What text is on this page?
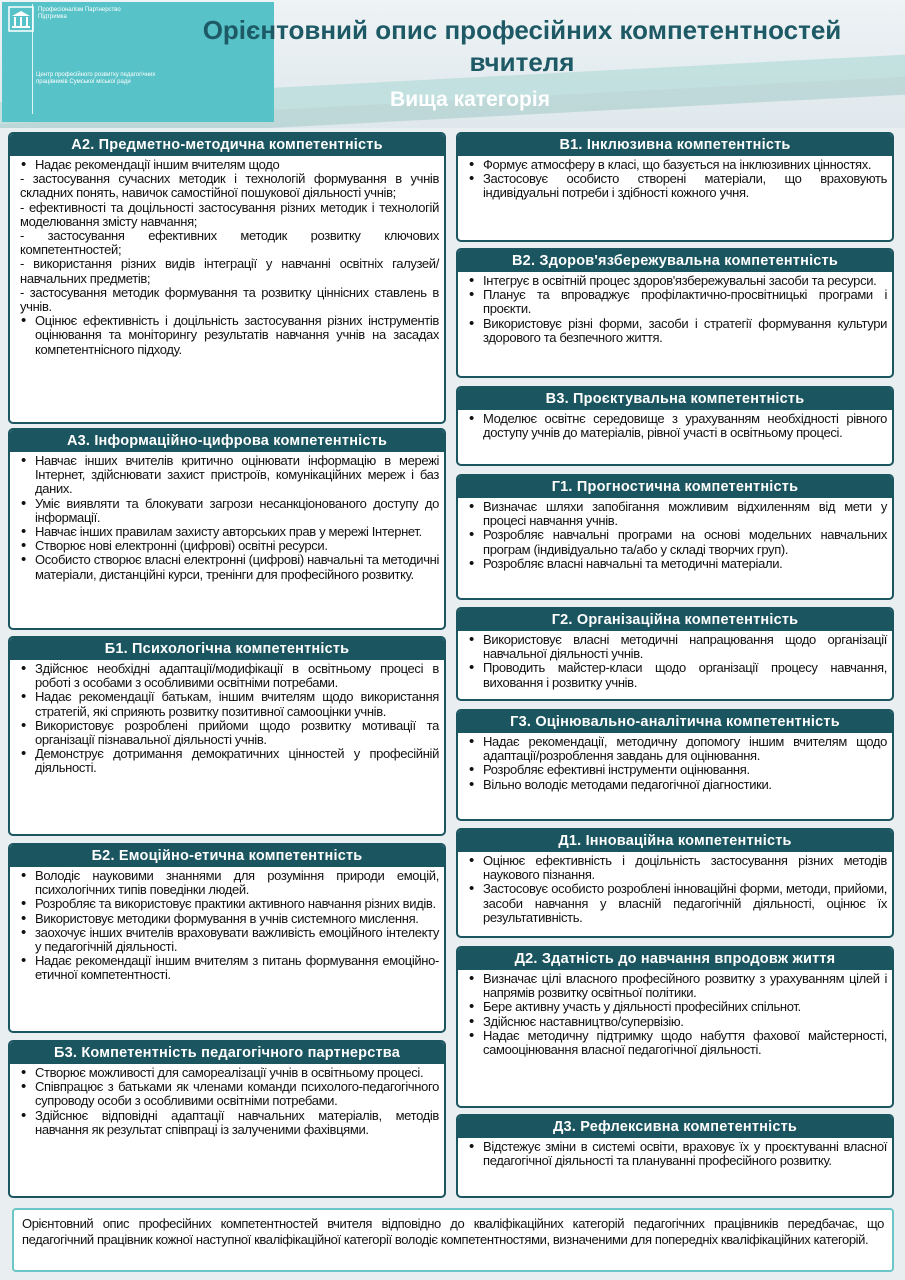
Професіоналізм Партнерство Підтримка
Центр професійного розвитку педагогічних працівників Сумської міської ради
Орієнтовний опис професійних компетентностей вчителя
Вища категорія
А2. Предметно-методична компетентність
• Надає рекомендації іншим вчителям щодо
- застосування сучасних методик і технологій формування в учнів складних понять, навичок самостійної пошукової діяльності учнів;
- ефективності та доцільності застосування різних методик і технологій моделювання змісту навчання;
- застосування ефективних методик розвитку ключових компетентностей;
- використання різних видів інтеграції у навчанні освітніх галузей/навчальних предметів;
- застосування методик формування та розвитку ціннісних ставлень в учнів.
• Оцінює ефективність і доцільність застосування різних інструментів оцінювання та моніторингу результатів навчання учнів на засадах компетентнісного підходу.
А3. Інформаційно-цифрова компетентність
• Навчає інших вчителів критично оцінювати інформацію в мережі Інтернет, здійснювати захист пристроїв, комунікаційних мереж і баз даних.
• Уміє виявляти та блокувати загрози несанкціонованого доступу до інформації.
• Навчає інших правилам захисту авторських прав у мережі Інтернет.
• Створює нові електронні (цифрові) освітні ресурси.
• Особисто створює власні електронні (цифрові) навчальні та методичні матеріали, дистанційні курси, тренінги для професійного розвитку.
Б1. Психологічна компетентність
• Здійснює необхідні адаптації/модифікації в освітньому процесі в роботі з особами з особливими освітніми потребами.
• Надає рекомендації батькам, іншим вчителям щодо використання стратегій, які сприяють розвитку позитивної самооцінки учнів.
• Використовує розроблені прийоми щодо розвитку мотивації та організації пізнавальної діяльності учнів.
• Демонструє дотримання демократичних цінностей у професійній діяльності.
Б2. Емоційно-етична компетентність
• Володіє науковими знаннями для розуміння природи емоцій, психологічних типів поведінки людей.
• Розробляє та використовує практики активного навчання різних видів.
• Використовує методики формування в учнів системного мислення.
• заохочує інших вчителів враховувати важливість емоційного інтелекту у педагогічній діяльності.
• Надає рекомендації іншим вчителям з питань формування емоційно-етичної компетентності.
Б3. Компетентність педагогічного партнерства
• Створює можливості для самореалізації учнів в освітньому процесі.
• Співпрацює з батьками як членами команди психолого-педагогічного супроводу особи з особливими освітніми потребами.
• Здійснює відповідні адаптації навчальних матеріалів, методів навчання як результат співпраці із залученими фахівцями.
В1. Інклюзивна компетентність
• Формує атмосферу в класі, що базується на інклюзивних цінностях.
• Застосовує особисто створені матеріали, що враховують індивідуальні потреби і здібності кожного учня.
В2. Здоров'язбережувальна компетентність
• Інтегрує в освітній процес здоров'язбережувальні засоби та ресурси.
• Планує та впроваджує профілактично-просвітницькі програми і проєкти.
• Використовує різні форми, засоби і стратегії формування культури здорового та безпечного життя.
В3. Проєктувальна компетентність
• Моделює освітнє середовище з урахуванням необхідності рівного доступу учнів до матеріалів, рівної участі в освітньому процесі.
Г1. Прогностична компетентність
• Визначає шляхи запобігання можливим відхиленням від мети у процесі навчання учнів.
• Розробляє навчальні програми на основі модельних навчальних програм (індивідуально та/або у складі творчих груп).
• Розробляє власні навчальні та методичні матеріали.
Г2. Організаційна компетентність
• Використовує власні методичні напрацювання щодо організації навчальної діяльності учнів.
• Проводить майстер-класи щодо організації процесу навчання, виховання і розвитку учнів.
Г3. Оцінювально-аналітична компетентність
• Надає рекомендації, методичну допомогу іншим вчителям щодо адаптації/розроблення завдань для оцінювання.
• Розробляє ефективні інструменти оцінювання.
• Вільно володіє методами педагогічної діагностики.
Д1. Інноваційна компетентність
• Оцінює ефективність і доцільність застосування різних методів наукового пізнання.
• Застосовує особисто розроблені інноваційні форми, методи, прийоми, засоби навчання у власній педагогічній діяльності, оцінює їх результативність.
Д2. Здатність до навчання впродовж життя
• Визначає цілі власного професійного розвитку з урахуванням цілей і напрямів розвитку освітньої політики.
• Бере активну участь у діяльності професійних спільнот.
• Здійснює наставництво/супервізію.
• Надає методичну підтримку щодо набуття фахової майстерності, самооцінювання власної педагогічної діяльності.
Д3. Рефлексивна компетентність
• Відстежує зміни в системі освіти, враховує їх у проєктуванні власної педагогічної діяльності та плануванні професійного розвитку.
Орієнтовний опис професійних компетентностей вчителя відповідно до кваліфікаційних категорій педагогічних працівників передбачає, що педагогічний працівник кожної наступної кваліфікаційної категорії володіє компетентностями, визначеними для попередніх кваліфікаційних категорій.
